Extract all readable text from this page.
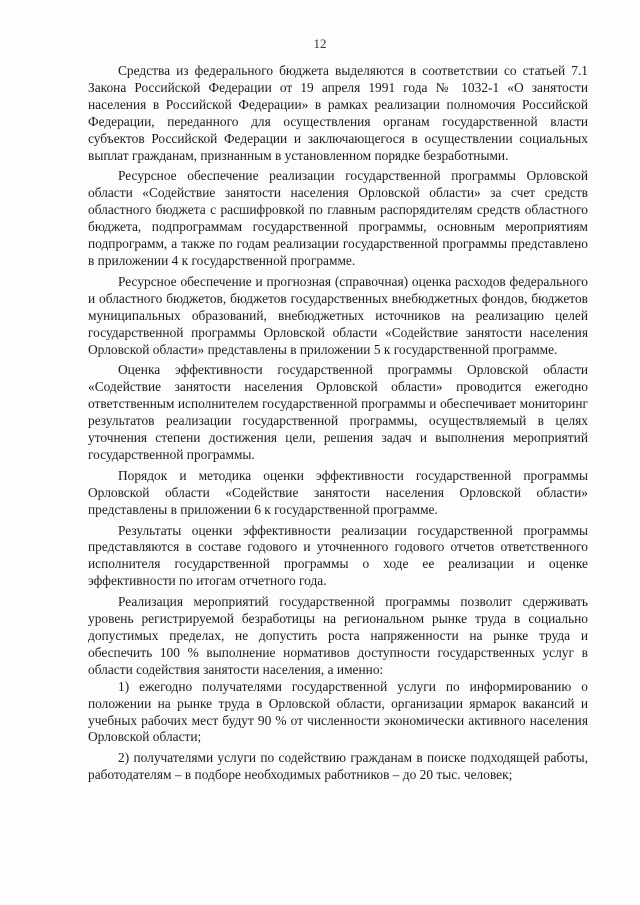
12

Средства из федерального бюджета выделяются в соответствии со статьей 7.1 Закона Российской Федерации от 19 апреля 1991 года № 1032-1 «О занятости населения в Российской Федерации» в рамках реализации полномочия Российской Федерации, переданного для осуществления органам государственной власти субъектов Российской Федерации и заключающегося в осуществлении социальных выплат гражданам, признанным в установленном порядке безработными.

Ресурсное обеспечение реализации государственной программы Орловской области «Содействие занятости населения Орловской области» за счет средств областного бюджета с расшифровкой по главным распорядителям средств областного бюджета, подпрограммам государственной программы, основным мероприятиям подпрограмм, а также по годам реализации государственной программы представлено в приложении 4 к государственной программе.

Ресурсное обеспечение и прогнозная (справочная) оценка расходов федерального и областного бюджетов, бюджетов государственных внебюджетных фондов, бюджетов муниципальных образований, внебюджетных источников на реализацию целей государственной программы Орловской области «Содействие занятости населения Орловской области» представлены в приложении 5 к государственной программе.

Оценка эффективности государственной программы Орловской области «Содействие занятости населения Орловской области» проводится ежегодно ответственным исполнителем государственной программы и обеспечивает мониторинг результатов реализации государственной программы, осуществляемый в целях уточнения степени достижения цели, решения задач и выполнения мероприятий государственной программы.

Порядок и методика оценки эффективности государственной программы Орловской области «Содействие занятости населения Орловской области» представлены в приложении 6 к государственной программе.

Результаты оценки эффективности реализации государственной программы представляются в составе годового и уточненного годового отчетов ответственного исполнителя государственной программы о ходе ее реализации и оценке эффективности по итогам отчетного года.

Реализация мероприятий государственной программы позволит сдерживать уровень регистрируемой безработицы на региональном рынке труда в социально допустимых пределах, не допустить роста напряженности на рынке труда и обеспечить 100 % выполнение нормативов доступности государственных услуг в области содействия занятости населения, а именно:

1) ежегодно получателями государственной услуги по информированию о положении на рынке труда в Орловской области, организации ярмарок вакансий и учебных рабочих мест будут 90 % от численности экономически активного населения Орловской области;

2) получателями услуги по содействию гражданам в поиске подходящей работы, работодателям – в подборе необходимых работников – до 20 тыс. человек;
